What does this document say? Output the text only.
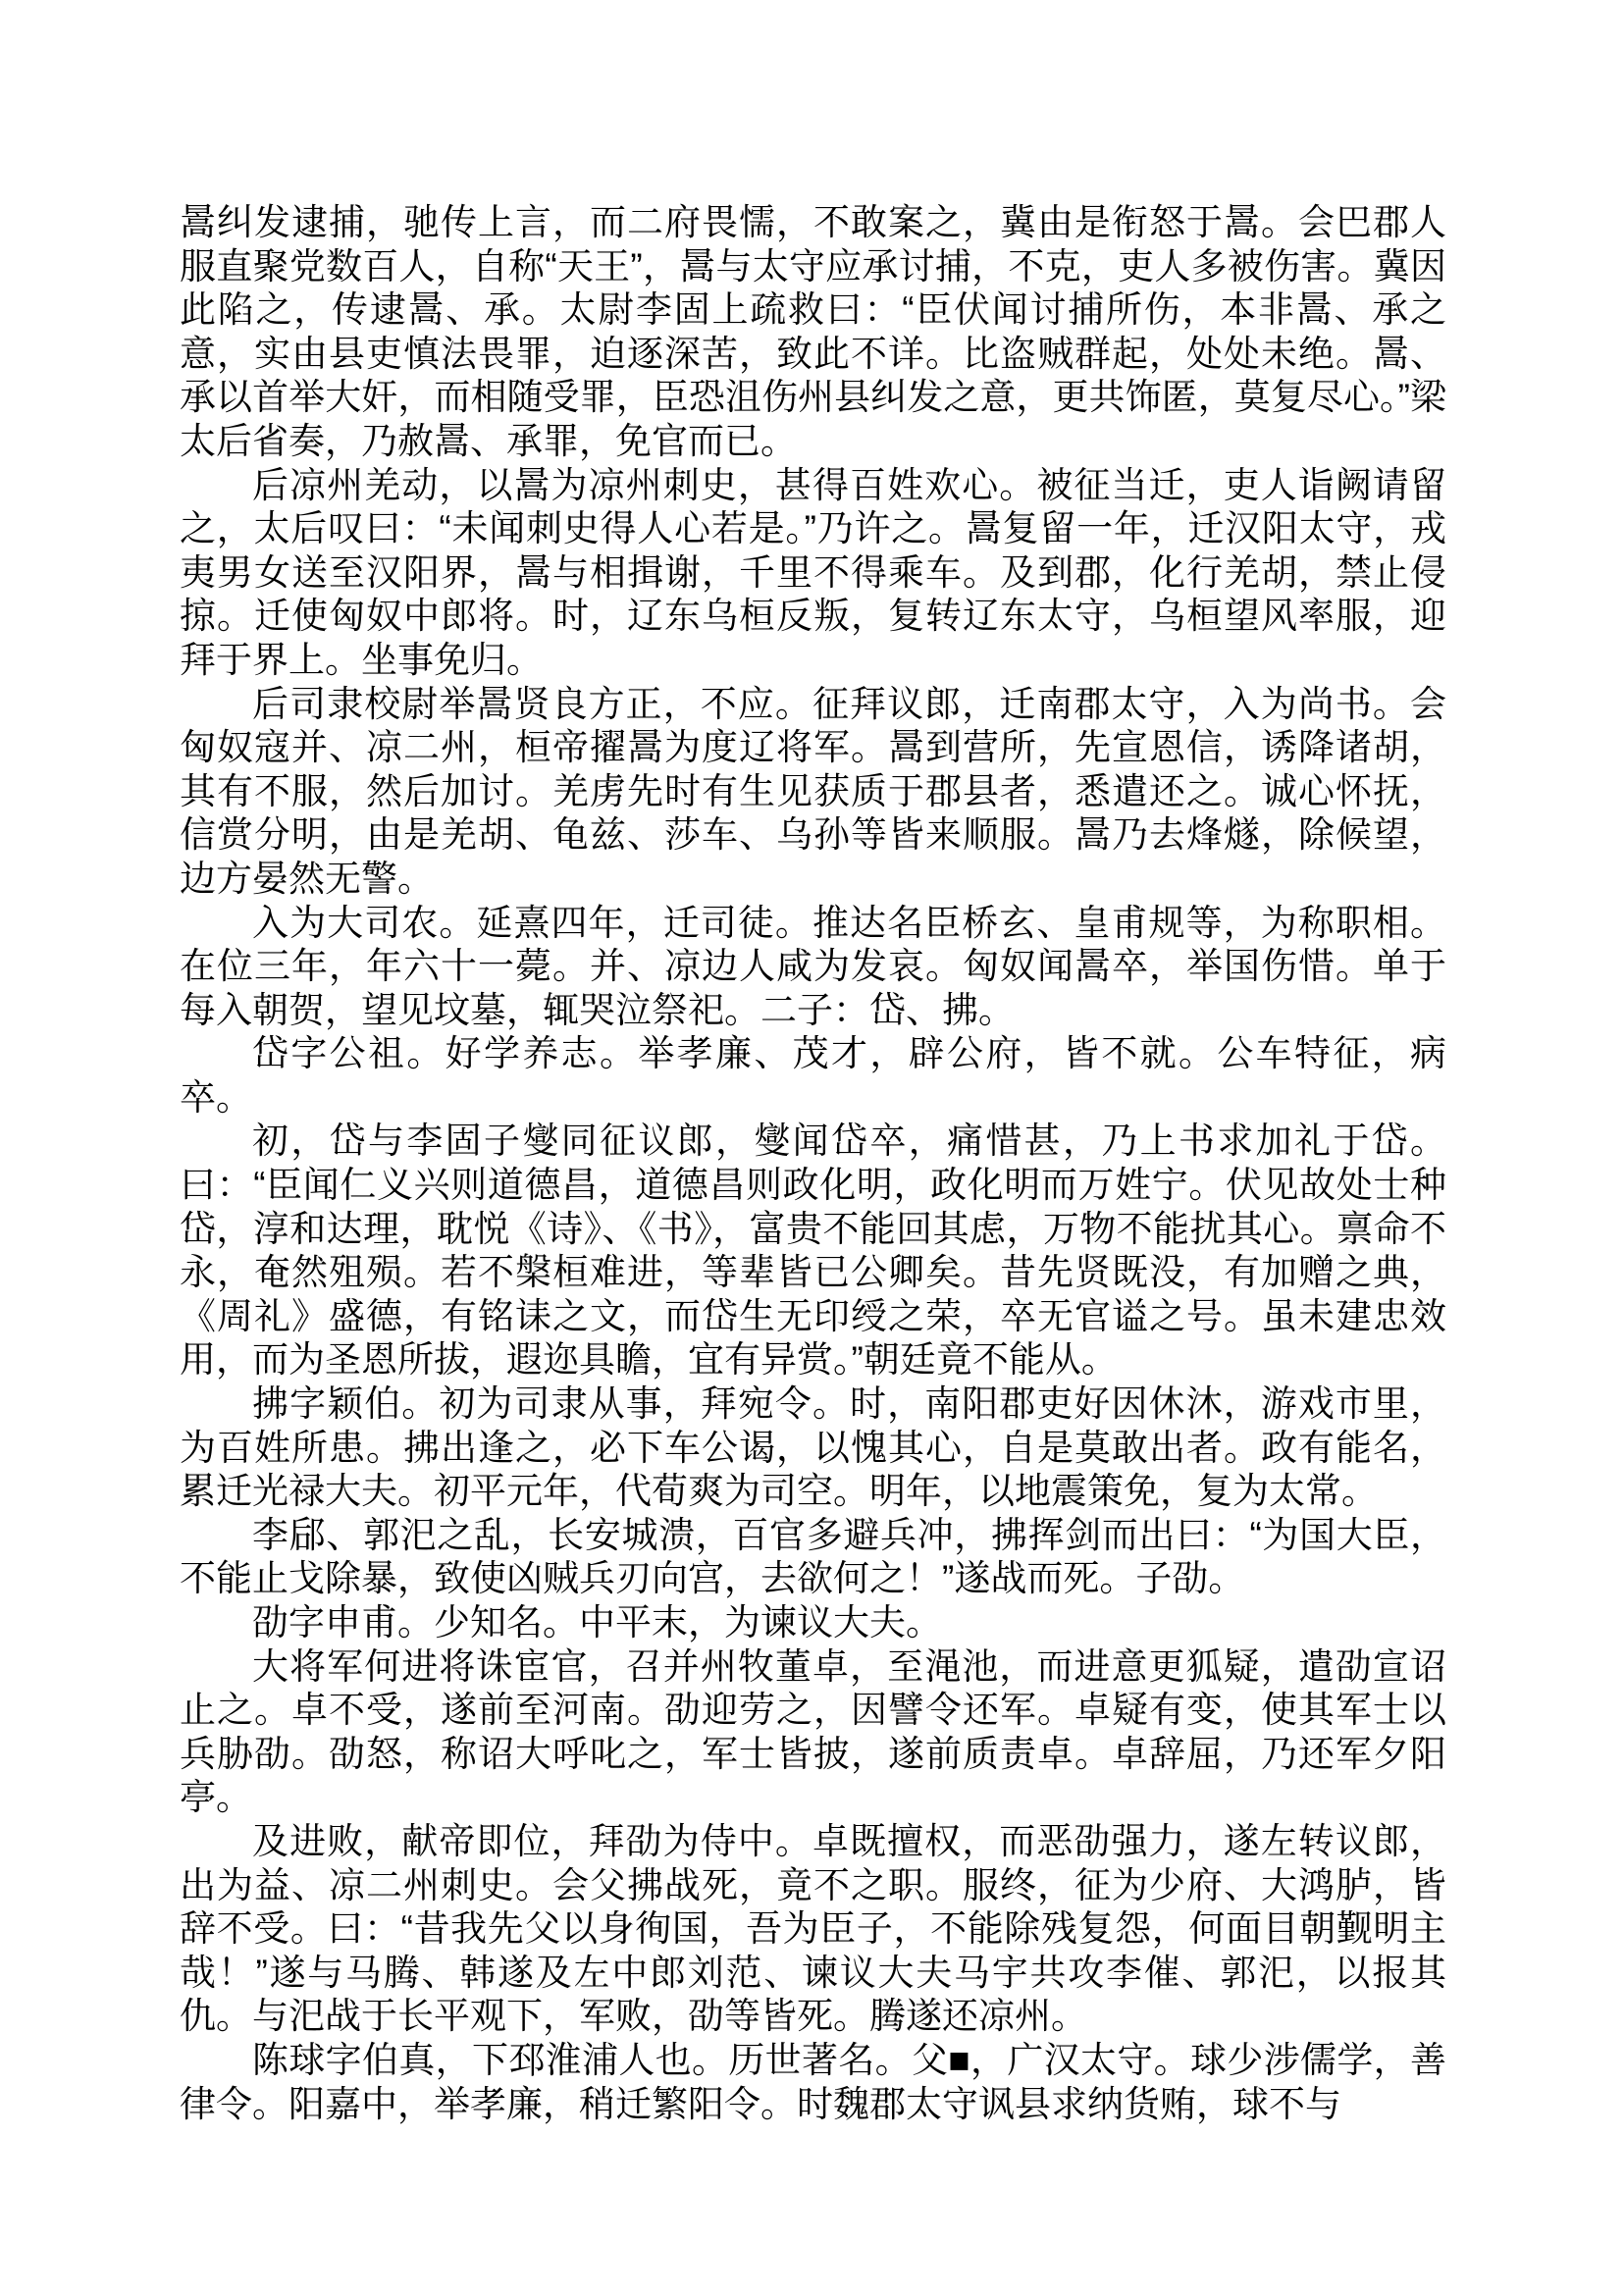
暠纠发逮捕，驰传上言，而二府畏懦，不敢案之，冀由是衔怒于暠。会巴郡人服直聚党数百人，自称“天王”，暠与太守应承讨捕，不克，吏人多被伤害。冀因此陷之，传逮暠、承。太尉李固上疏救曰：“臣伏闻讨捕所伤，本非暠、承之意，实由县吏慎法畏罪，迫逐深苦，致此不详。比盗贼群起，处处未绝。暠、承以首举大奸，而相随受罪，臣恐沮伤州县纠发之意，更共饰匿，莫复尽心。”梁太后省奏，乃赦暠、承罪，免官而已。

后凉州羌动，以暠为凉州刺史，甚得百姓欢心。被征当迁，吏人诣阙请留之，太后叹曰：“未闻刺史得人心若是。”乃许之。暠复留一年，迁汉阳太守，戎夷男女送至汉阳界，暠与相揖谢，千里不得乘车。及到郡，化行羌胡，禁止侵掠。迁使匈奴中郎将。时，辽东乌桓反叛，复转辽东太守，乌桓望风率服，迎拜于界上。坐事免归。

后司隶校尉举暠贤良方正，不应。征拜议郎，迁南郡太守，入为尚书。会匈奴寇并、凉二州，桓帝擢暠为度辽将军。暠到营所，先宣恩信，诱降诸胡，其有不服，然后加讨。羌虏先时有生见获质于郡县者，悉遣还之。诚心怀抚，信赏分明，由是羌胡、龟兹、莎车、乌孙等皆来顺服。暠乃去烽燧，除候望，边方晏然无警。

入为大司农。延熹四年，迁司徒。推达名臣桥玄、皇甫规等，为称职相。在位三年，年六十一薨。并、凉边人咸为发哀。匈奴闻暠卒，举国伤惜。单于每入朝贺，望见坟墓，辄哭泣祭祀。二子：岱、拂。

岱字公祖。好学养志。举孝廉、茂才，辟公府，皆不就。公车特征，病卒。

初，岱与李固子燮同征议郎，燮闻岱卒，痛惜甚，乃上书求加礼于岱。曰：“臣闻仁义兴则道德昌，道德昌则政化明，政化明而万姓宁。伏见故处士种岱，淳和达理，耽悦《诗》、《书》，富贵不能回其虑，万物不能扰其心。禀命不永，奄然殂殒。若不槃桓难进，等辈皆已公卿矣。昔先贤既没，有加赠之典，《周礼》盛德，有铭诔之文，而岱生无印绶之荣，卒无官谥之号。虽未建忠效用，而为圣恩所拔，遐迩具瞻，宜有异赏。”朝廷竟不能从。

拂字颖伯。初为司隶从事，拜宛令。时，南阳郡吏好因休沐，游戏市里，为百姓所患。拂出逢之，必下车公谒，以愧其心，自是莫敢出者。政有能名，累迁光禄大夫。初平元年，代荀爽为司空。明年，以地震策免，复为太常。

李郈、郭汜之乱，长安城溃，百官多避兵冲，拂挥剑而出曰：“为国大臣，不能止戈除暴，致使凶贼兵刃向宫，去欲何之！”遂战而死。子劭。

劭字申甫。少知名。中平末，为谏议大夫。

大将军何进将诛宦官，召并州牧董卓，至渑池，而进意更狐疑，遣劭宣诏止之。卓不受，遂前至河南。劭迎劳之，因譬令还军。卓疑有变，使其军士以兵胁劭。劭怒，称诏大呼叱之，军士皆披，遂前质责卓。卓辞屈，乃还军夕阳亭。

及进败，献帝即位，拜劭为侍中。卓既擅权，而恶劭强力，遂左转议郎，出为益、凉二州刺史。会父拂战死，竟不之职。服终，征为少府、大鸿胪，皆辞不受。曰：“昔我先父以身徇国，吾为臣子，不能除残复怨，何面目朝觐明主哉！”遂与马腾、韩遂及左中郎刘范、谏议大夫马宇共攻李催、郭汜，以报其仇。与汜战于长平观下，军败，劭等皆死。腾遂还凉州。

陈球字伯真，下邳淮浦人也。历世著名。父■，广汉太守。球少涉儒学，善律令。阳嘉中，举孝廉，稍迁繁阳令。时魏郡太守讽县求纳货贿，球不与
